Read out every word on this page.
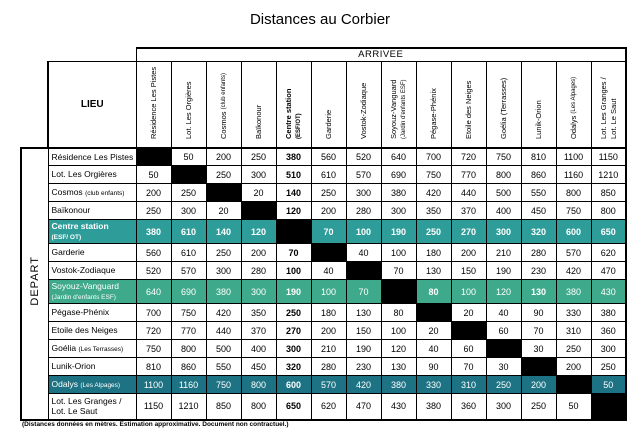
Distances au Corbier
		ARRIVEE													
	LIEU	Résidence Les Pistes	Lot. Les Orgières	Cosmos (club enfants)	Baïkonour	Centre station (ESF/OT)	Garderie	Vostok-Zodiaque	Soyouz-Vanguard (Jardin d'enfants ESF)	Pégase-Phénix	Etoile des Neiges	Goélia (Terrasses)	Lunik-Orion	Odalys (Les Alpages)	Lot. Les Granges /
Lot. Le Saut
DEPART	Résidence Les Pistes		50	200	250	380	560	520	640	700	720	750	810	1100	1150
	Lot. Les Orgières	50		250	300	510	610	570	690	750	770	800	860	1160	1210
	Cosmos (club enfants)	200	250		20	140	250	300	380	420	440	500	550	800	850
	Baïkonour	250	300	20		120	200	280	300	350	370	400	450	750	800
	Centre station
(ESF/ OT)	380	610	140	120		70	100	190	250	270	300	320	600	650
	Garderie	560	610	250	200	70		40	100	180	200	210	280	570	620
	Vostok-Zodiaque	520	570	300	280	100	40		70	130	150	190	230	420	470
	Soyouz-Vanguard
(Jardin d'enfants ESF)	640	690	380	300	190	100	70		80	100	120	130	380	430
	Pégase-Phénix	700	750	420	350	250	180	130	80		20	40	90	330	380
	Etoile des Neiges	720	770	440	370	270	200	150	100	20		60	70	310	360
	Goélia (Les Terrasses)	750	800	500	400	300	210	190	120	40	60		30	250	300
	Lunik-Orion	810	860	550	450	320	280	230	130	90	70	30		200	250
	Odalys (Les Alpages)	1100	1160	750	800	600	570	420	380	330	310	250	200		50
	Lot. Les Granges /
Lot. Le Saut	1150	1210	850	800	650	620	470	430	380	360	300	250	50	
(Distances données en mètres. Estimation approximative. Document non contractuel.)
